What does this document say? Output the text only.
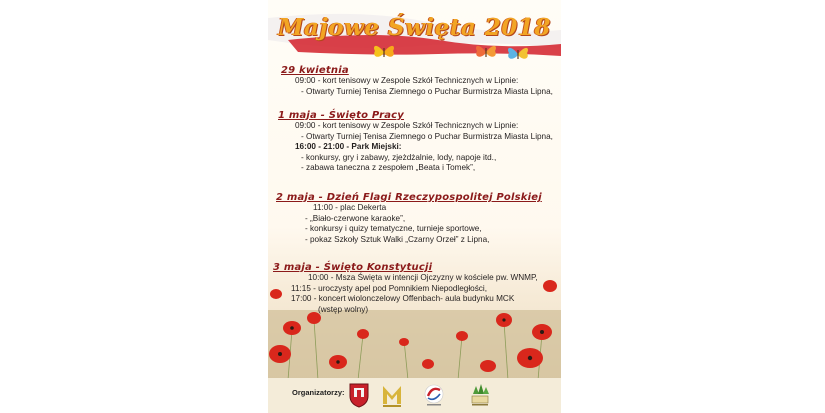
Majowe Święta 2018
29 kwietnia
09:00 - kort tenisowy w Zespole Szkół Technicznych w Lipnie:
- Otwarty Turniej Tenisa Ziemnego o Puchar Burmistrza Miasta Lipna,
1 maja - Święto Pracy
09:00 - kort tenisowy w Zespole Szkół Technicznych w Lipnie:
- Otwarty Turniej Tenisa Ziemnego o Puchar Burmistrza Miasta Lipna,
16:00 - 21:00 - Park Miejski:
- konkursy, gry i zabawy, zjeżdżalnie, lody, napoje itd.,
- zabawa taneczna z zespołem „Beata i Tomek”,
2 maja - Dzień Flagi Rzeczypospolitej Polskiej
11:00 - plac Dekerta
- „Biało-czerwone karaoke”,
- konkursy i quizy tematyczne, turnieje sportowe,
- pokaz Szkoły Sztuk Walki „Czarny Orzeł” z Lipna,
3 maja - Święto Konstytucji
10:00 - Msza Święta w intencji Ojczyzny w kościele pw. WNMP,
11:15 - uroczysty apel pod Pomnikiem Niepodległości,
17:00 - koncert wiolonczelowy Offenbach- aula budynku MCK
(wstęp wolny)
Organizatorzy:
